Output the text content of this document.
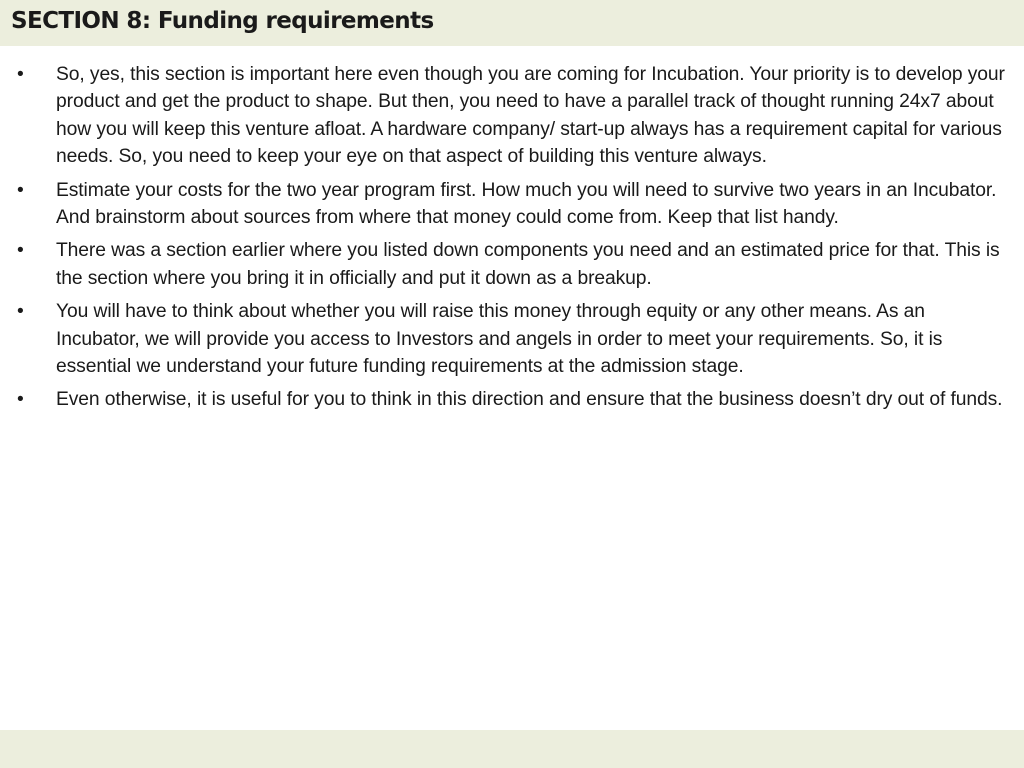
SECTION 8: Funding requirements
• So, yes, this section is important here even though you are coming for Incubation. Your priority is to develop your product and get the product to shape. But then, you need to have a parallel track of thought running 24x7 about how you will keep this venture afloat. A hardware company/ start-up always has a requirement capital for various needs. So, you need to keep your eye on that aspect of building this venture always.
• Estimate your costs for the two year program first. How much you will need to survive two years in an Incubator. And brainstorm about sources from where that money could come from. Keep that list handy.
• There was a section earlier where you listed down components you need and an estimated price for that. This is the section where you bring it in officially and put it down as a breakup.
• You will have to think about whether you will raise this money through equity or any other means. As an Incubator, we will provide you access to Investors and angels in order to meet your requirements. So, it is essential we understand your future funding requirements at the admission stage.
• Even otherwise, it is useful for you to think in this direction and ensure that the business doesn’t dry out of funds.
